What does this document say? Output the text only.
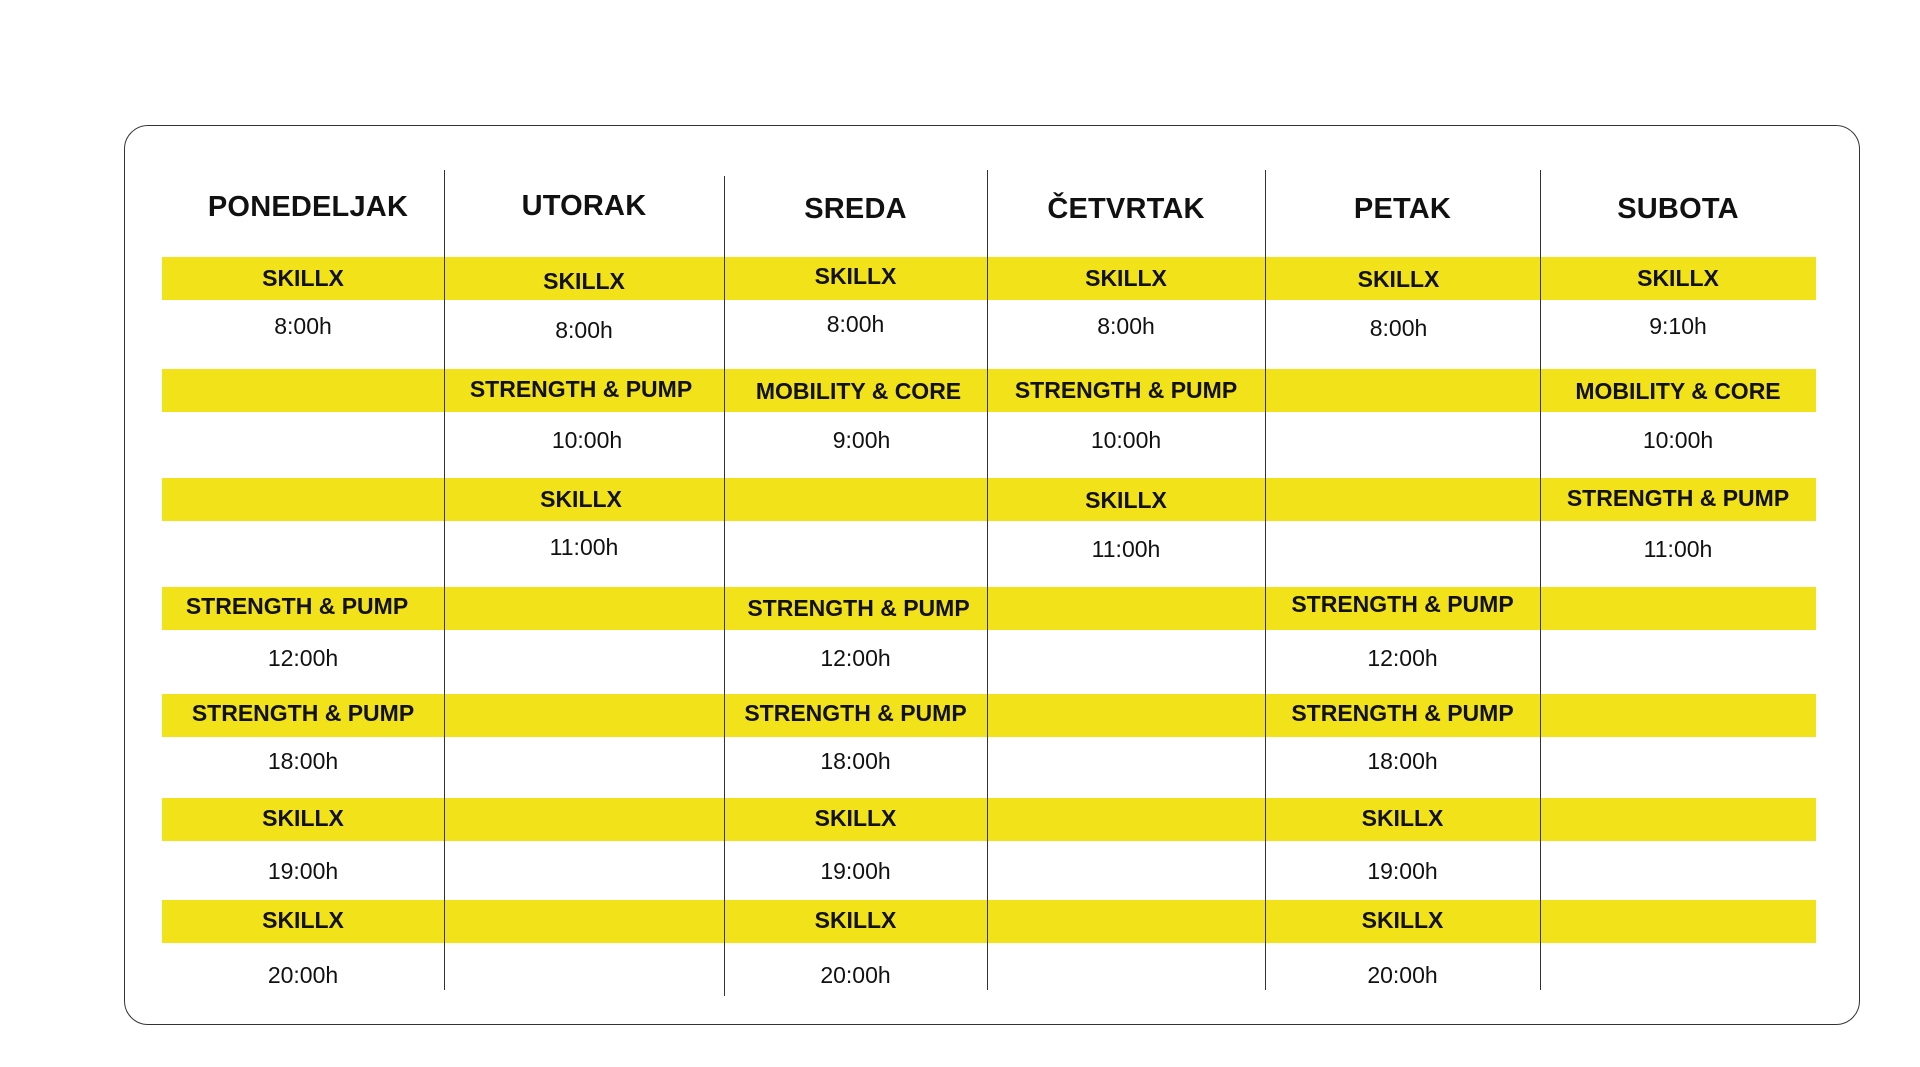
PONEDELJAK
SKILLX
8:00h
STRENGTH & PUMP
12:00h
STRENGTH & PUMP
18:00h
SKILLX
19:00h
SKILLX
20:00h
UTORAK
SKILLX
8:00h
STRENGTH & PUMP
10:00h
SKILLX
11:00h
SREDA
SKILLX
8:00h
MOBILITY & CORE
9:00h
STRENGTH & PUMP
12:00h
STRENGTH & PUMP
18:00h
SKILLX
19:00h
SKILLX
20:00h
ČETVRTAK
SKILLX
8:00h
STRENGTH & PUMP
10:00h
SKILLX
11:00h
PETAK
SKILLX
8:00h
STRENGTH & PUMP
12:00h
STRENGTH & PUMP
18:00h
SKILLX
19:00h
SKILLX
20:00h
SUBOTA
SKILLX
9:10h
MOBILITY & CORE
10:00h
STRENGTH & PUMP
11:00h
